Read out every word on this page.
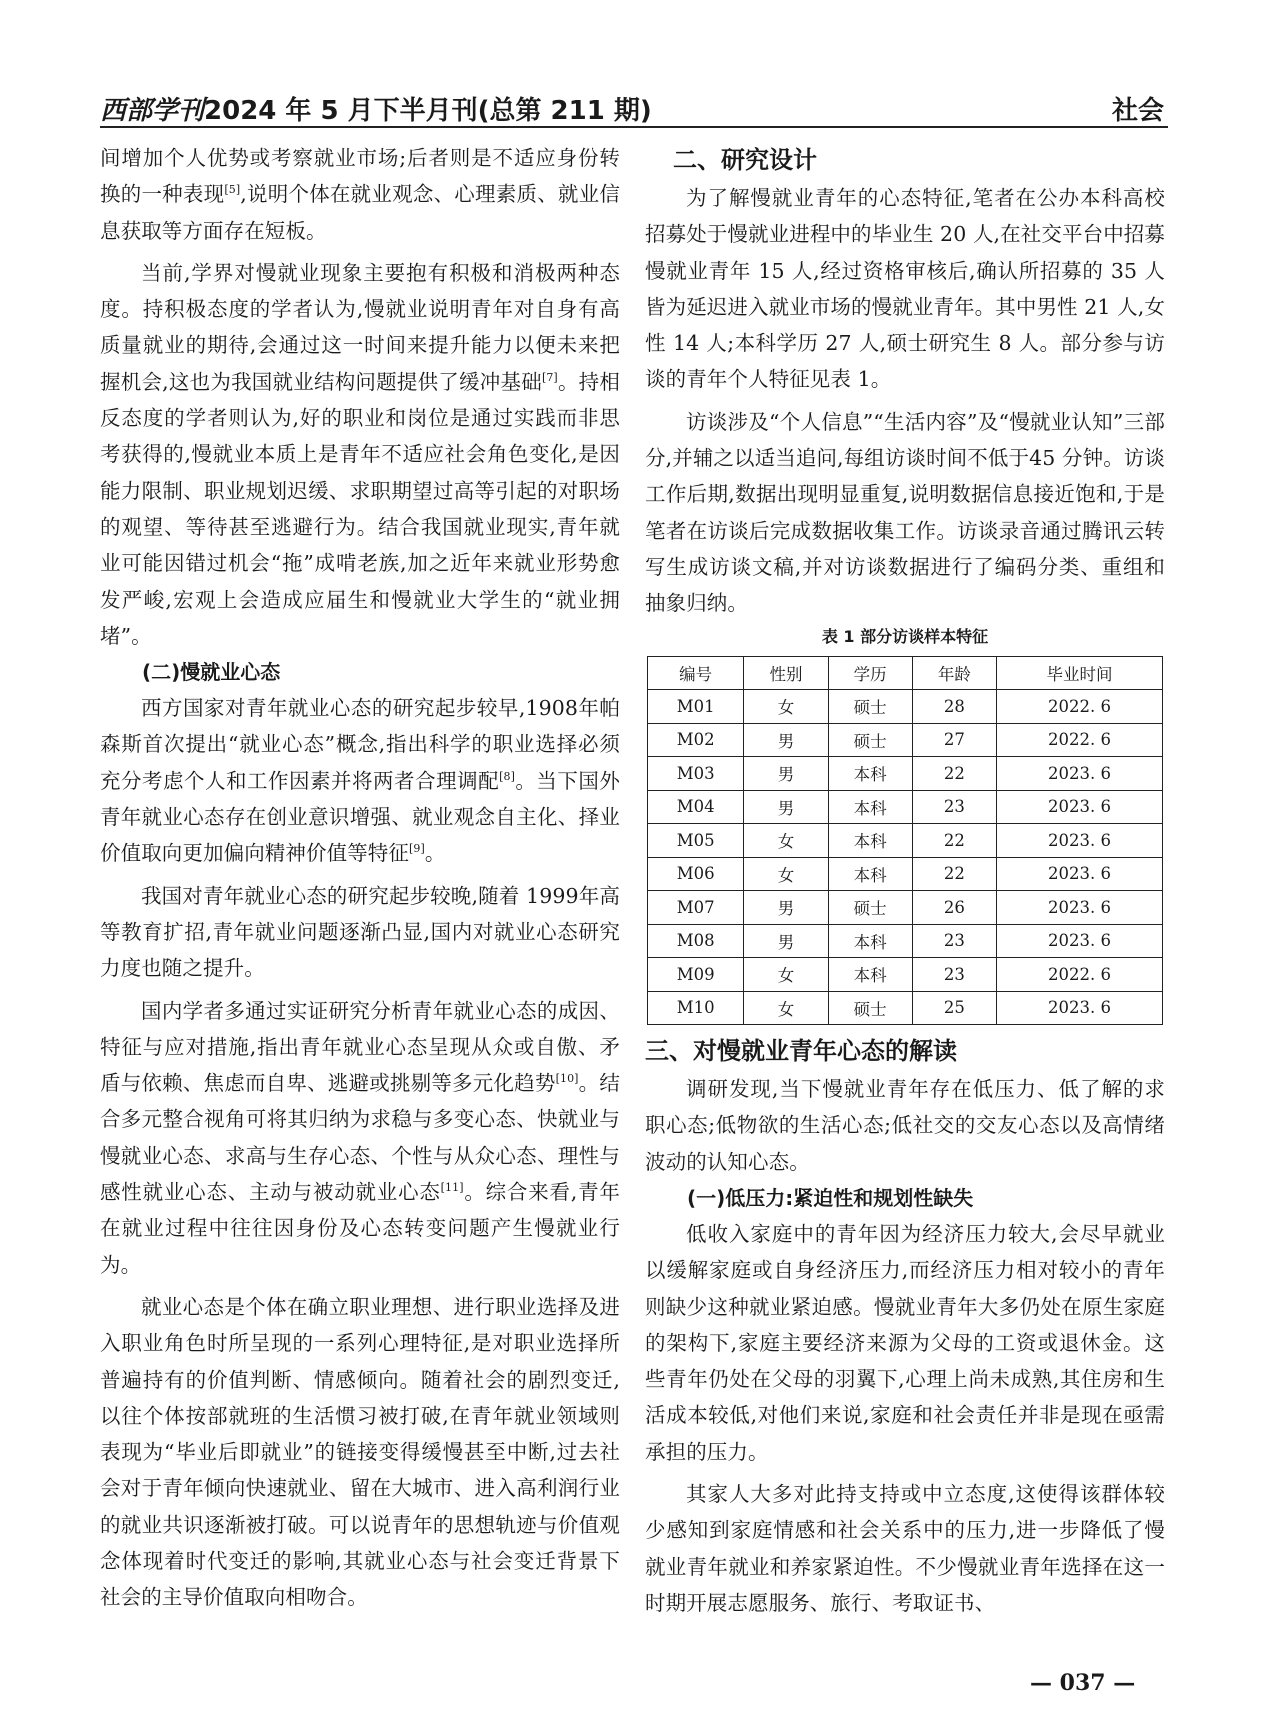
西部学刊2024 年 5 月下半月刊(总第 211 期)	社会

间增加个人优势或考察就业市场;后者则是不适应身份转换的一种表现[5],说明个体在就业观念、心理素质、就业信息获取等方面存在短板。

当前,学界对慢就业现象主要抱有积极和消极两种态度。持积极态度的学者认为,慢就业说明青年对自身有高质量就业的期待,会通过这一时间来提升能力以便未来把握机会,这也为我国就业结构问题提供了缓冲基础[7]。持相反态度的学者则认为,好的职业和岗位是通过实践而非思考获得的,慢就业本质上是青年不适应社会角色变化,是因能力限制、职业规划迟缓、求职期望过高等引起的对职场的观望、等待甚至逃避行为。结合我国就业现实,青年就业可能因错过机会“拖”成啃老族,加之近年来就业形势愈发严峻,宏观上会造成应届生和慢就业大学生的“就业拥堵”。

(二)慢就业心态

西方国家对青年就业心态的研究起步较早,1908年帕森斯首次提出“就业心态”概念,指出科学的职业选择必须充分考虑个人和工作因素并将两者合理调配[8]。当下国外青年就业心态存在创业意识增强、就业观念自主化、择业价值取向更加偏向精神价值等特征[9]。

我国对青年就业心态的研究起步较晚,随着 1999年高等教育扩招,青年就业问题逐渐凸显,国内对就业心态研究力度也随之提升。

国内学者多通过实证研究分析青年就业心态的成因、特征与应对措施,指出青年就业心态呈现从众或自傲、矛盾与依赖、焦虑而自卑、逃避或挑剔等多元化趋势[10]。结合多元整合视角可将其归纳为求稳与多变心态、快就业与慢就业心态、求高与生存心态、个性与从众心态、理性与感性就业心态、主动与被动就业心态[11]。综合来看,青年在就业过程中往往因身份及心态转变问题产生慢就业行为。

就业心态是个体在确立职业理想、进行职业选择及进入职业角色时所呈现的一系列心理特征,是对职业选择所普遍持有的价值判断、情感倾向。随着社会的剧烈变迁,以往个体按部就班的生活惯习被打破,在青年就业领域则表现为“毕业后即就业”的链接变得缓慢甚至中断,过去社会对于青年倾向快速就业、留在大城市、进入高利润行业的就业共识逐渐被打破。可以说青年的思想轨迹与价值观念体现着时代变迁的影响,其就业心态与社会变迁背景下社会的主导价值取向相吻合。

二、研究设计

为了解慢就业青年的心态特征,笔者在公办本科高校招募处于慢就业进程中的毕业生 20 人,在社交平台中招募慢就业青年 15 人,经过资格审核后,确认所招募的 35 人皆为延迟进入就业市场的慢就业青年。其中男性 21 人,女性 14 人;本科学历 27 人,硕士研究生 8 人。部分参与访谈的青年个人特征见表 1。

访谈涉及“个人信息”“生活内容”及“慢就业认知”三部分,并辅之以适当追问,每组访谈时间不低于45 分钟。访谈工作后期,数据出现明显重复,说明数据信息接近饱和,于是笔者在访谈后完成数据收集工作。访谈录音通过腾讯云转写生成访谈文稿,并对访谈数据进行了编码分类、重组和抽象归纳。

表 1 部分访谈样本特征
编号	性别	学历	年龄	毕业时间
M01	女	硕士	28	2022. 6
M02	男	硕士	27	2022. 6
M03	男	本科	22	2023. 6
M04	男	本科	23	2023. 6
M05	女	本科	22	2023. 6
M06	女	本科	22	2023. 6
M07	男	硕士	26	2023. 6
M08	男	本科	23	2023. 6
M09	女	本科	23	2022. 6
M10	女	硕士	25	2023. 6
三、对慢就业青年心态的解读

调研发现,当下慢就业青年存在低压力、低了解的求职心态;低物欲的生活心态;低社交的交友心态以及高情绪波动的认知心态。

(一)低压力:紧迫性和规划性缺失

低收入家庭中的青年因为经济压力较大,会尽早就业以缓解家庭或自身经济压力,而经济压力相对较小的青年则缺少这种就业紧迫感。慢就业青年大多仍处在原生家庭的架构下,家庭主要经济来源为父母的工资或退休金。这些青年仍处在父母的羽翼下,心理上尚未成熟,其住房和生活成本较低,对他们来说,家庭和社会责任并非是现在亟需承担的压力。

其家人大多对此持支持或中立态度,这使得该群体较少感知到家庭情感和社会关系中的压力,进一步降低了慢就业青年就业和养家紧迫性。不少慢就业青年选择在这一时期开展志愿服务、旅行、考取证书、

— 037 —
